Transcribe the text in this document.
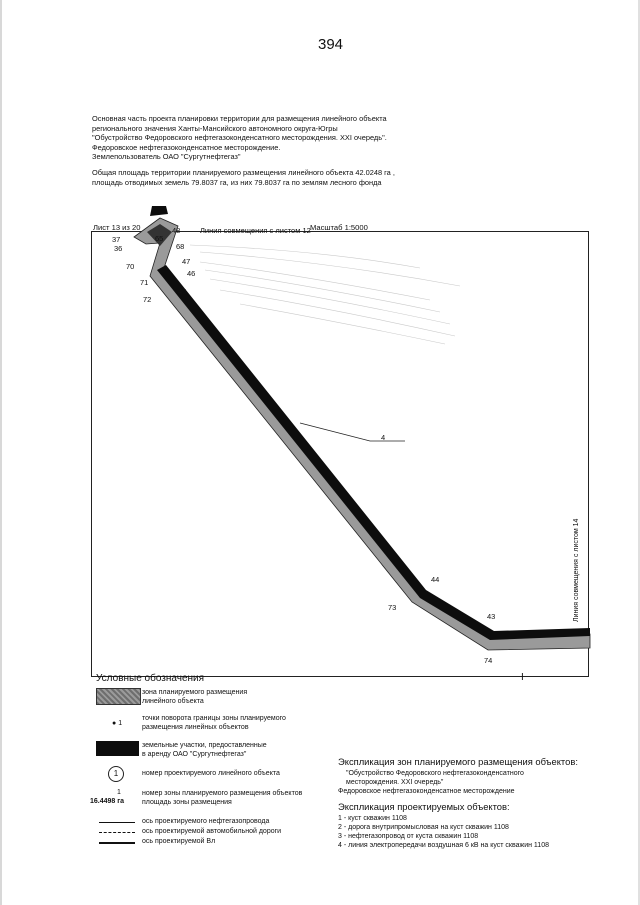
394
Основная часть проекта планировки территории для размещения линейного объекта
регионального значения Ханты-Мансийского автономного округа-Югры
"Обустройство Федоровского нефтегазоконденсатного месторождения. XXI очередь".
Федоровское нефтегазоконденсатное месторождение.
Землепользователь ОАО "Сургутнефтегаз"
Общая площадь территории планируемого размещения линейного объекта 42.0248 га ,
площадь отводимых земель 79.8037 га, из них 79.8037 га по землям лесного фонда
Лист 13 из 20	Масштаб 1:5000
Линия совмещения с листом 12
4
I
Линия совмещения с листом 14
37
36
70
71
72
65
68
47
46
45
44
73
43
74
48
Условные обозначения
зона планируемого размещения линейного объекта
● 1
точки поворота границы зоны планируемого размещения линейных объектов
земельные участки, предоставленные в аренду ОАО "Сургутнефтегаз"
1	номер проектируемого линейного объекта
1	номер зоны планируемого размещения объектов
16.4498 га	площадь зоны размещения
ось проектируемого нефтегазопровода
ось проектируемой автомобильной дороги
ось проектируемой Вл
Экспликация зон планируемого размещения объектов:
"Обустройство Федоровского нефтегазоконденсатного
месторождения. XXI очередь"
Федоровское нефтегазоконденсатное месторождение
Экспликация проектируемых объектов:
1 - куст скважин 1108
2 - дорога внутрипромысловая на куст скважин 1108
3 - нефтегазопровод от куста скважин 1108
4 - линия электропередачи воздушная 6 кВ на куст скважин 1108
